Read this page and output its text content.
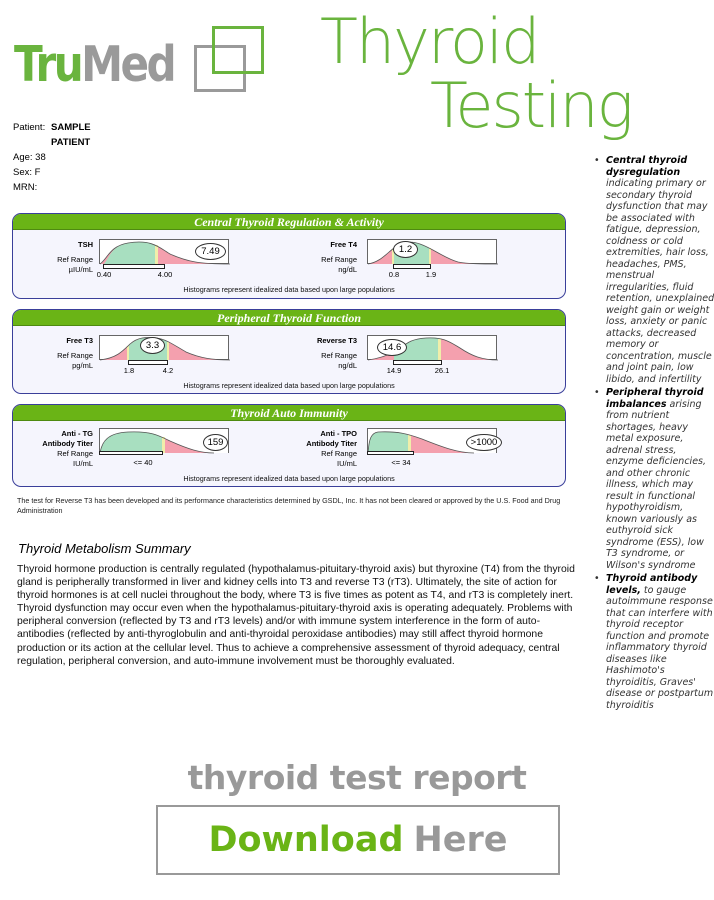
TruMed Thyroid
Testing
Patient: SAMPLE
PATIENT
Age: 38
Sex: F
MRN:
Central Thyroid Regulation & Activity
TSH
Ref Range
µIU/mL
7.49
0.40	4.00
Free T4
Ref Range
ng/dL
1.2
0.8	1.9
Histograms represent idealized data based upon large populations
Peripheral Thyroid Function
Free T3
Ref Range
pg/mL
3.3
1.8	4.2
Reverse T3
Ref Range
ng/dL
14.6
14.9	26.1
Histograms represent idealized data based upon large populations
Thyroid Auto Immunity
Anti - TG
Antibody Titer
Ref Range
IU/mL
159
<= 40
Anti - TPO
Antibody Titer
Ref Range
IU/mL
>1000
<= 34
Histograms represent idealized data based upon large populations
The test for Reverse T3 has been developed and its performance characteristics determined by GSDL, Inc. It has not been cleared or approved by the U.S. Food and Drug Administration
Thyroid Metabolism Summary
Thyroid hormone production is centrally regulated (hypothalamus-pituitary-thyroid axis) but thyroxine (T4) from the thyroid gland is peripherally transformed in liver and kidney cells into T3 and reverse T3 (rT3). Ultimately, the site of action for thyroid hormones is at cell nuclei throughout the body, where T3 is five times as potent as T4, and rT3 is completely inert. Thyroid dysfunction may occur even when the hypothalamus-pituitary-thyroid axis is operating adequately. Problems with peripheral conversion (reflected by T3 and rT3 levels) and/or with immune system interference in the form of auto-antibodies (reflected by anti-thyroglobulin and anti-thyroidal peroxidase antibodies) may still affect thyroid hormone production or its action at the cellular level. Thus to achieve a comprehensive assessment of thyroid adequacy, central regulation, peripheral conversion, and auto-immune involvement must be thoroughly evaluated.
• Central thyroid dysregulation indicating primary or secondary thyroid dysfunction that may be associated with fatigue, depression, coldness or cold extremities, hair loss, headaches, PMS, menstrual irregularities, fluid retention, unexplained weight gain or weight loss, anxiety or panic attacks, decreased memory or concentration, muscle and joint pain, low libido, and infertility
• Peripheral thyroid imbalances arising from nutrient shortages, heavy metal exposure, adrenal stress, enzyme deficiencies, and other chronic illness, which may result in functional hypothyroidism, known variously as euthyroid sick syndrome (ESS), low T3 syndrome, or Wilson's syndrome
• Thyroid antibody levels, to gauge autoimmune response that can interfere with thyroid receptor function and promote inflammatory thyroid diseases like Hashimoto's thyroiditis, Graves' disease or postpartum thyroiditis
thyroid test report
Download Here
